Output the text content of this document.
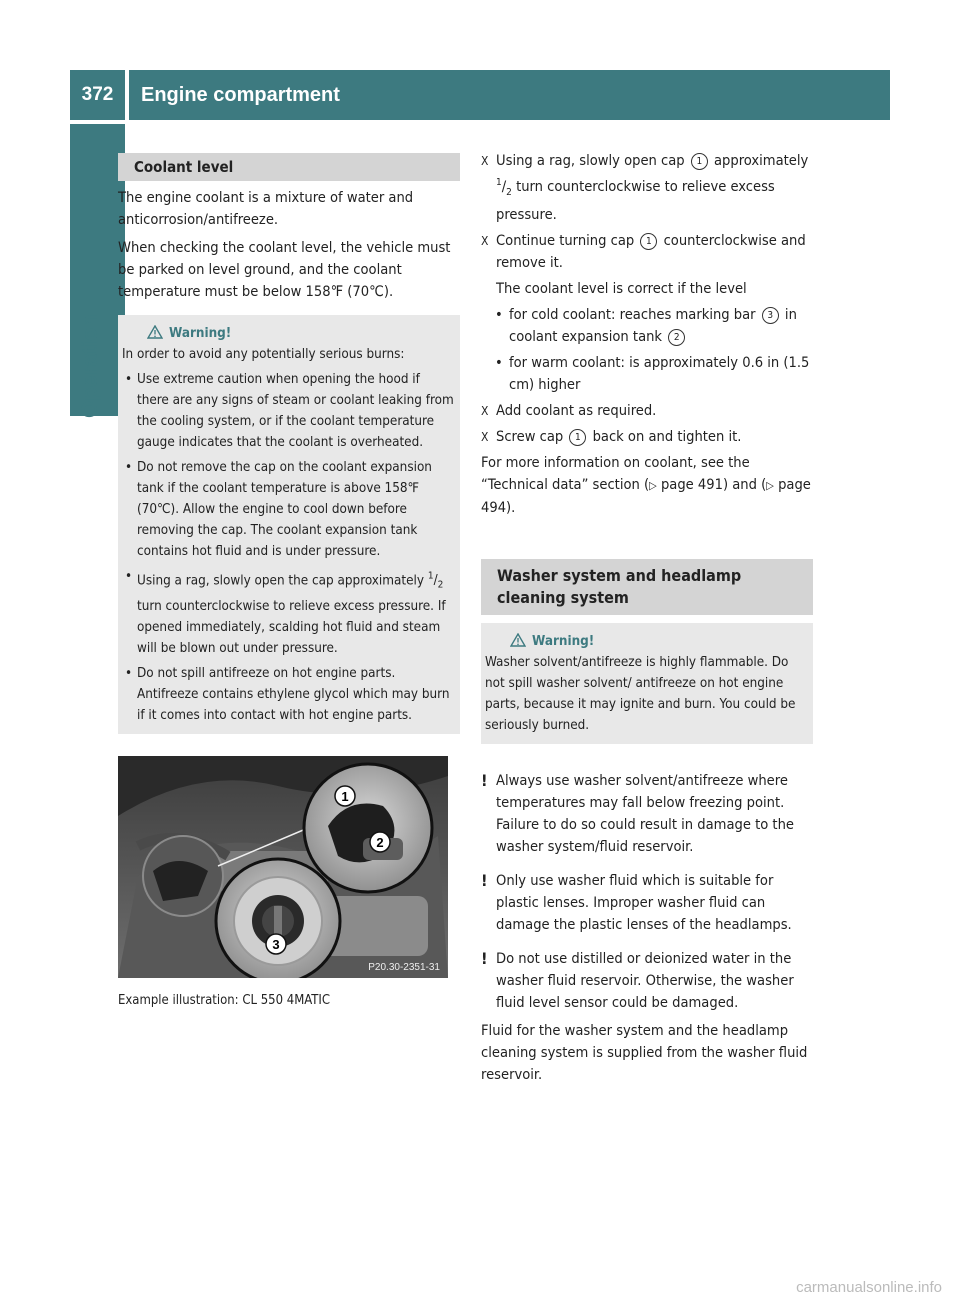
372	Engine compartment
Operation
Coolant level

The engine coolant is a mixture of water and anticorrosion/antifreeze.

When checking the coolant level, the vehicle must be parked on level ground, and the coolant temperature must be below 158℉ (70℃).

Warning!
In order to avoid any potentially serious burns:
• Use extreme caution when opening the hood if there are any signs of steam or coolant leaking from the cooling system, or if the coolant temperature gauge indicates that the coolant is overheated.
• Do not remove the cap on the coolant expansion tank if the coolant temperature is above 158℉ (70℃). Allow the engine to cool down before removing the cap. The coolant expansion tank contains hot fluid and is under pressure.
• Using a rag, slowly open the cap approximately $^1/_2$ turn counterclockwise to relieve excess pressure. If opened immediately, scalding hot fluid and steam will be blown out under pressure.
• Do not spill antifreeze on hot engine parts. Antifreeze contains ethylene glycol which may burn if it comes into contact with hot engine parts.
1
2
3
P20.30-2351-31
Example illustration: CL 550 4MATIC
X Using a rag, slowly open cap 1 approximately $^1/_2$ turn counterclockwise to relieve excess pressure.
X Continue turning cap 1 counterclockwise and remove it.
The coolant level is correct if the level
• for cold coolant: reaches marking bar 3 in coolant expansion tank 2
• for warm coolant: is approximately 0.6 in (1.5 cm) higher
X Add coolant as required.
X Screw cap 1 back on and tighten it.

For more information on coolant, see the “Technical data” section (▷ page 491) and (▷ page 494).

Washer system and headlamp cleaning system
Warning!
Washer solvent/antifreeze is highly flammable. Do not spill washer solvent/ antifreeze on hot engine parts, because it may ignite and burn. You could be seriously burned.
! Always use washer solvent/antifreeze where temperatures may fall below freezing point. Failure to do so could result in damage to the washer system/fluid reservoir.
! Only use washer fluid which is suitable for plastic lenses. Improper washer fluid can damage the plastic lenses of the headlamps.
! Do not use distilled or deionized water in the washer fluid reservoir. Otherwise, the washer fluid level sensor could be damaged.

Fluid for the washer system and the headlamp cleaning system is supplied from the washer fluid reservoir.

carmanualsonline.info
